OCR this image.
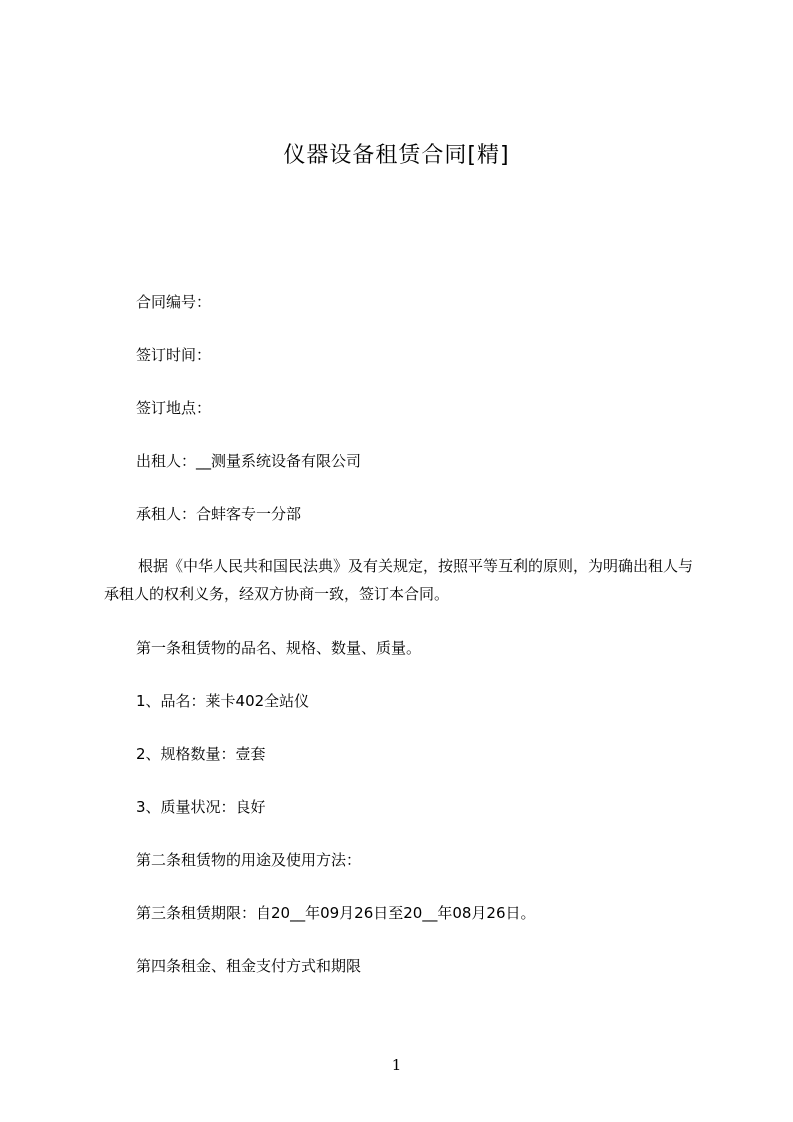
仪器设备租赁合同[精]
合同编号：
签订时间：
签订地点：
出租人：__测量系统设备有限公司
承租人：合蚌客专一分部
根据《中华人民共和国民法典》及有关规定，按照平等互利的原则，为明确出租人与承租人的权利义务，经双方协商一致，签订本合同。
第一条租赁物的品名、规格、数量、质量。
1、品名：莱卡402全站仪
2、规格数量：壹套
3、质量状况：良好
第二条租赁物的用途及使用方法：
第三条租赁期限：自20__年09月26日至20__年08月26日。
第四条租金、租金支付方式和期限
1
